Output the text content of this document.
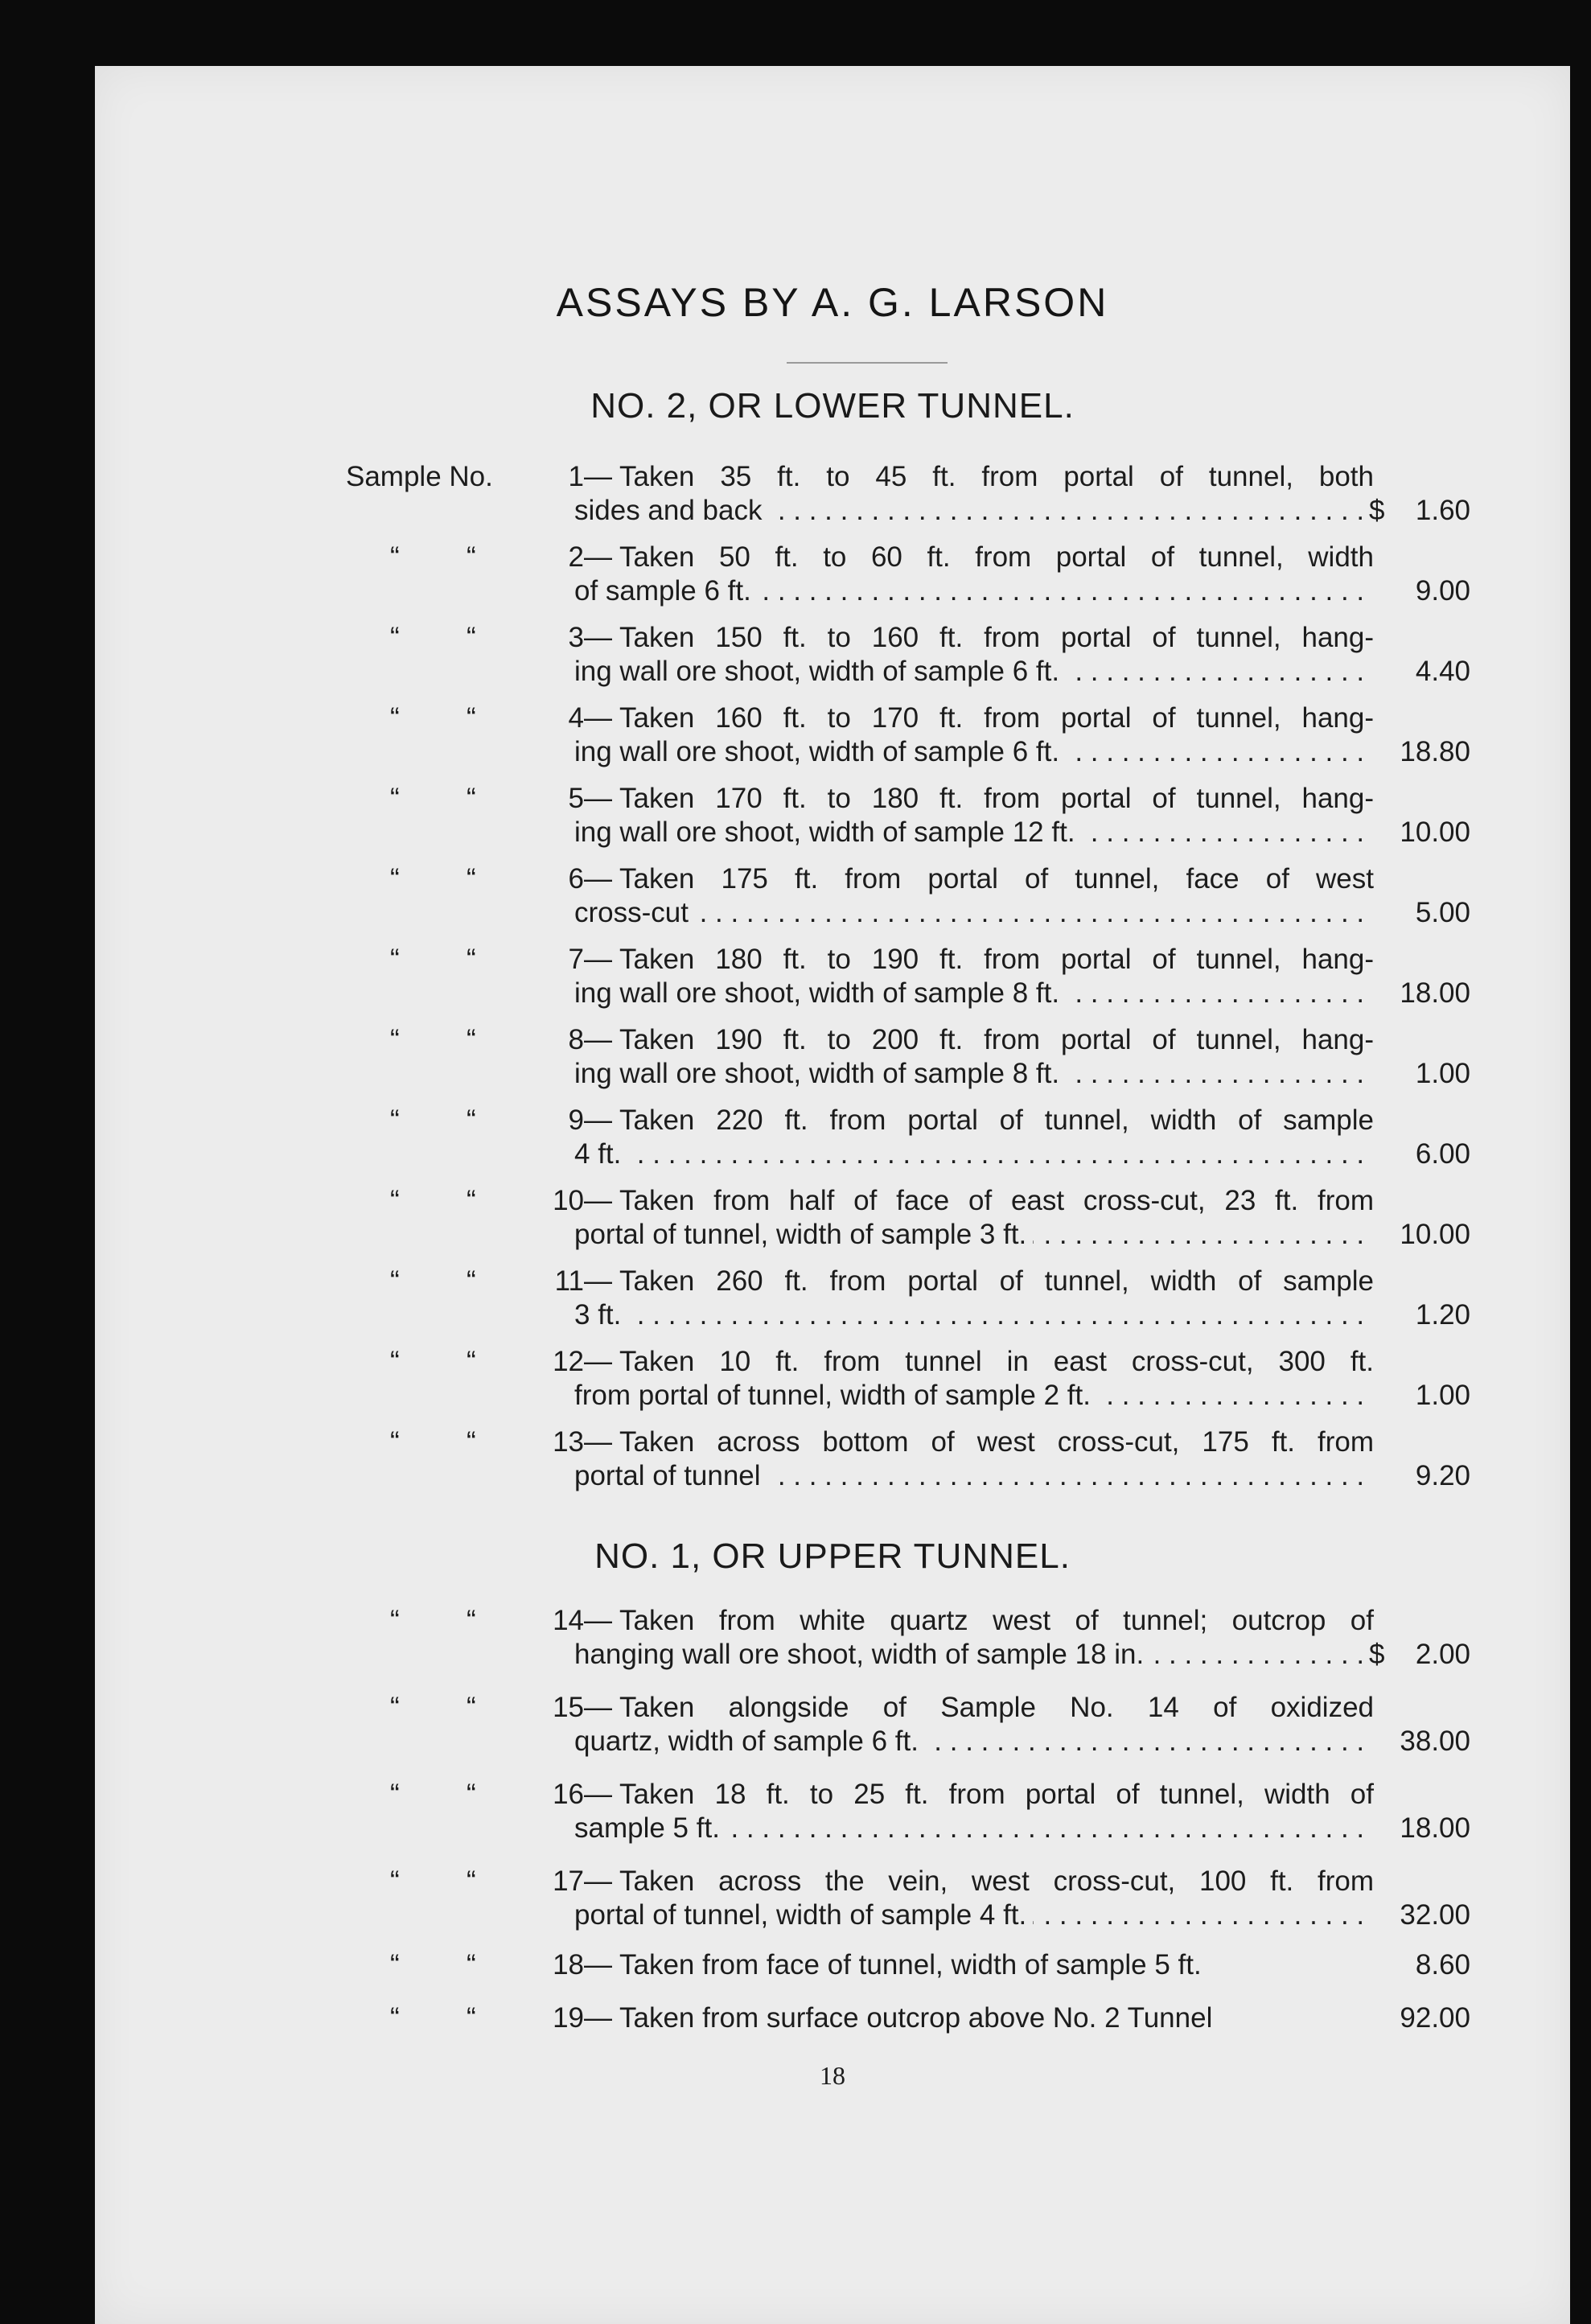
ASSAYS BY A. G. LARSON
NO. 2, OR LOWER TUNNEL.
Sample No.	1 — Taken 35 ft. to 45 ft. from portal of tunnel, both
sides and back . . .	$	1.60
“ “	2 — Taken 50 ft. to 60 ft. from portal of tunnel, width
of sample 6 ft. . . .	9.00
“ “	3 — Taken 150 ft. to 160 ft. from portal of tunnel, hang-
ing wall ore shoot, width of sample 6 ft. . . .	4.40
“ “	4 — Taken 160 ft. to 170 ft. from portal of tunnel, hang-
ing wall ore shoot, width of sample 6 ft. . . .	18.80
“ “	5 — Taken 170 ft. to 180 ft. from portal of tunnel, hang-
ing wall ore shoot, width of sample 12 ft. . . .	10.00
“ “	6 — Taken 175 ft. from portal of tunnel, face of west
cross-cut . . .	5.00
“ “	7 — Taken 180 ft. to 190 ft. from portal of tunnel, hang-
ing wall ore shoot, width of sample 8 ft. . . .	18.00
“ “	8 — Taken 190 ft. to 200 ft. from portal of tunnel, hang-
ing wall ore shoot, width of sample 8 ft. . . .	1.00
“ “	9 — Taken 220 ft. from portal of tunnel, width of sample
4 ft. . . .	6.00
“ “	10 — Taken from half of face of east cross-cut, 23 ft. from
portal of tunnel, width of sample 3 ft. . . .	10.00
“ “	11 — Taken 260 ft. from portal of tunnel, width of sample
3 ft. . . .	1.20
“ “	12 — Taken 10 ft. from tunnel in east cross-cut, 300 ft.
from portal of tunnel, width of sample 2 ft. . . .	1.00
“ “	13 — Taken across bottom of west cross-cut, 175 ft. from
portal of tunnel . . .	9.20
NO. 1, OR UPPER TUNNEL.
“ “	14 — Taken from white quartz west of tunnel; outcrop of
hanging wall ore shoot, width of sample 18 in. . . .	$	2.00
“ “	15 — Taken alongside of Sample No. 14 of oxidized
quartz, width of sample 6 ft. . . .	38.00
“ “	16 — Taken 18 ft. to 25 ft. from portal of tunnel, width of
sample 5 ft. . . .	18.00
“ “	17 — Taken across the vein, west cross-cut, 100 ft. from
portal of tunnel, width of sample 4 ft. . . .	32.00
“ “	18 — Taken from face of tunnel, width of sample 5 ft. . . .	8.60
“ “	19 — Taken from surface outcrop above No. 2 Tunnel . . .	92.00
18
